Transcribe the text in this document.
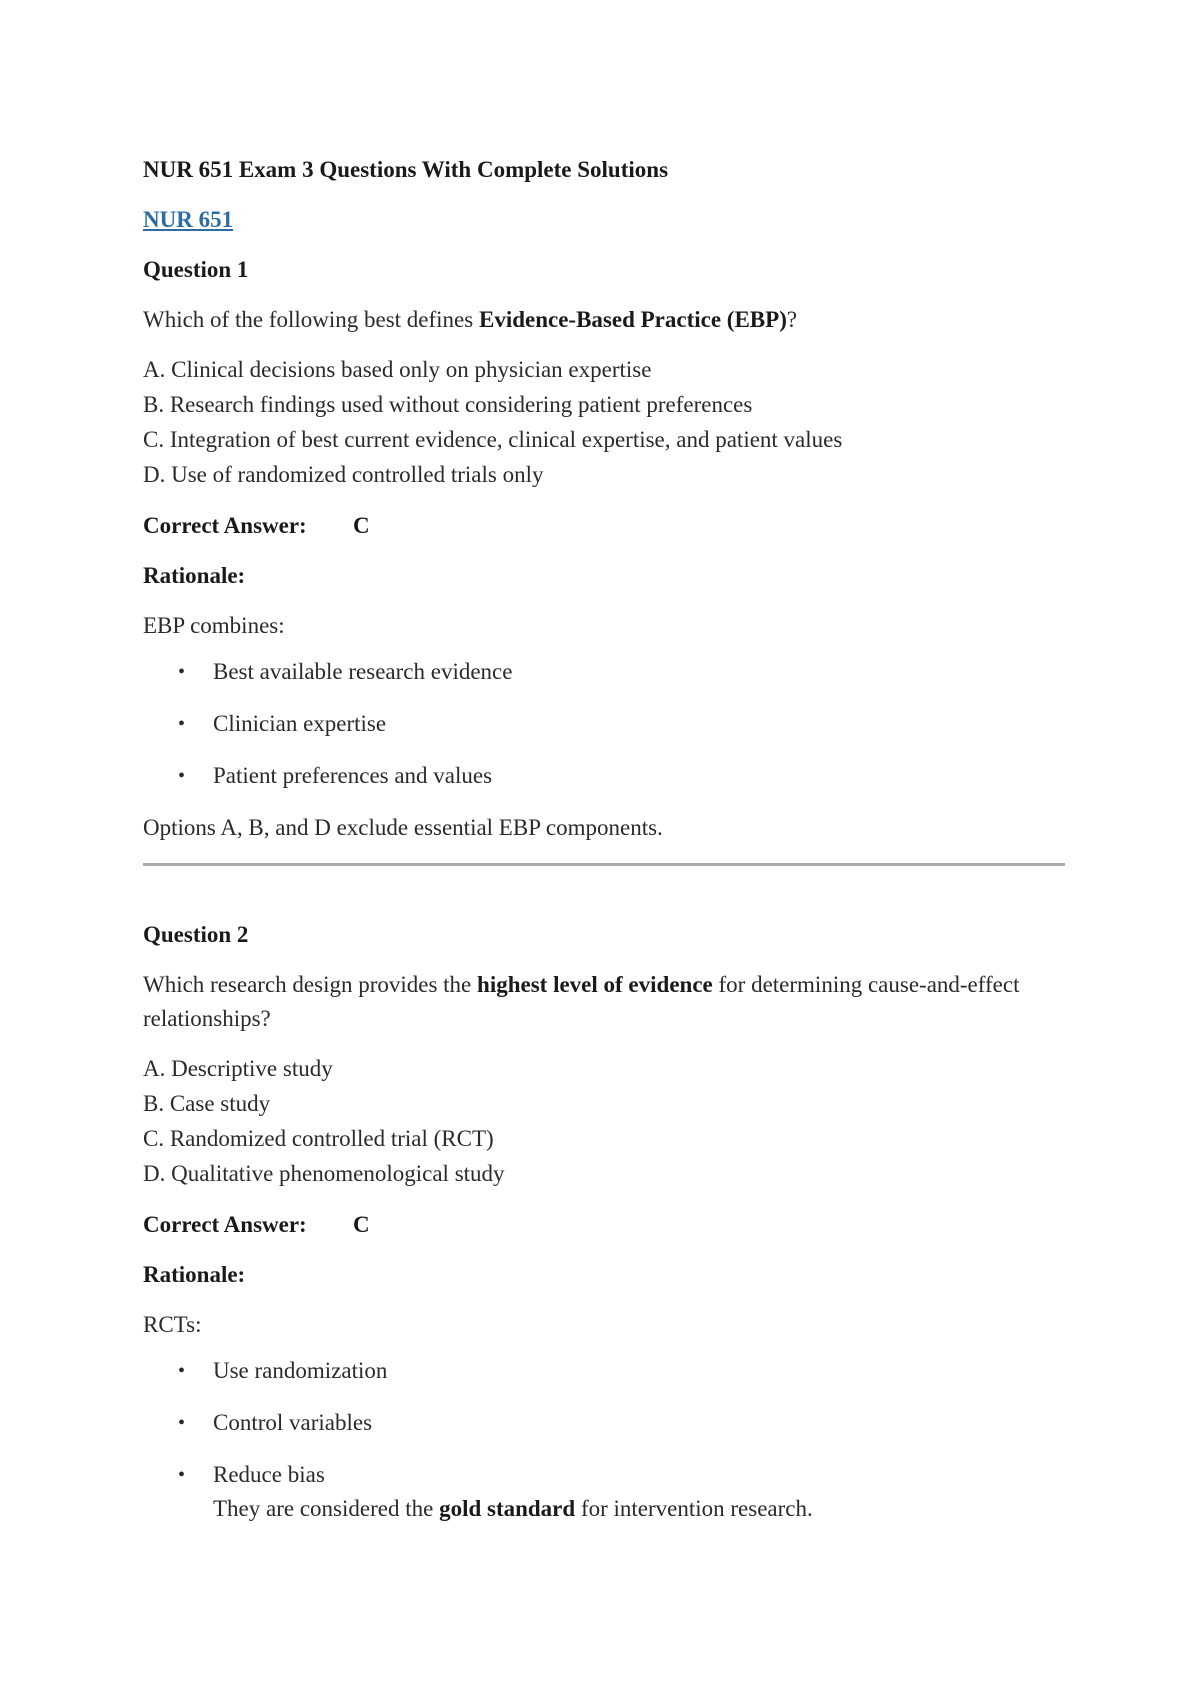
NUR 651 Exam 3 Questions With Complete Solutions
NUR 651
Question 1
Which of the following best defines Evidence-Based Practice (EBP)?
A. Clinical decisions based only on physician expertise
B. Research findings used without considering patient preferences
C. Integration of best current evidence, clinical expertise, and patient values
D. Use of randomized controlled trials only
Correct Answer:	C
Rationale:
EBP combines:
• Best available research evidence
• Clinician expertise
• Patient preferences and values
Options A, B, and D exclude essential EBP components.
Question 2
Which research design provides the highest level of evidence for determining cause-and-effect relationships?
A. Descriptive study
B. Case study
C. Randomized controlled trial (RCT)
D. Qualitative phenomenological study
Correct Answer:	C
Rationale:
RCTs:
• Use randomization
• Control variables
• Reduce bias
They are considered the gold standard for intervention research.
